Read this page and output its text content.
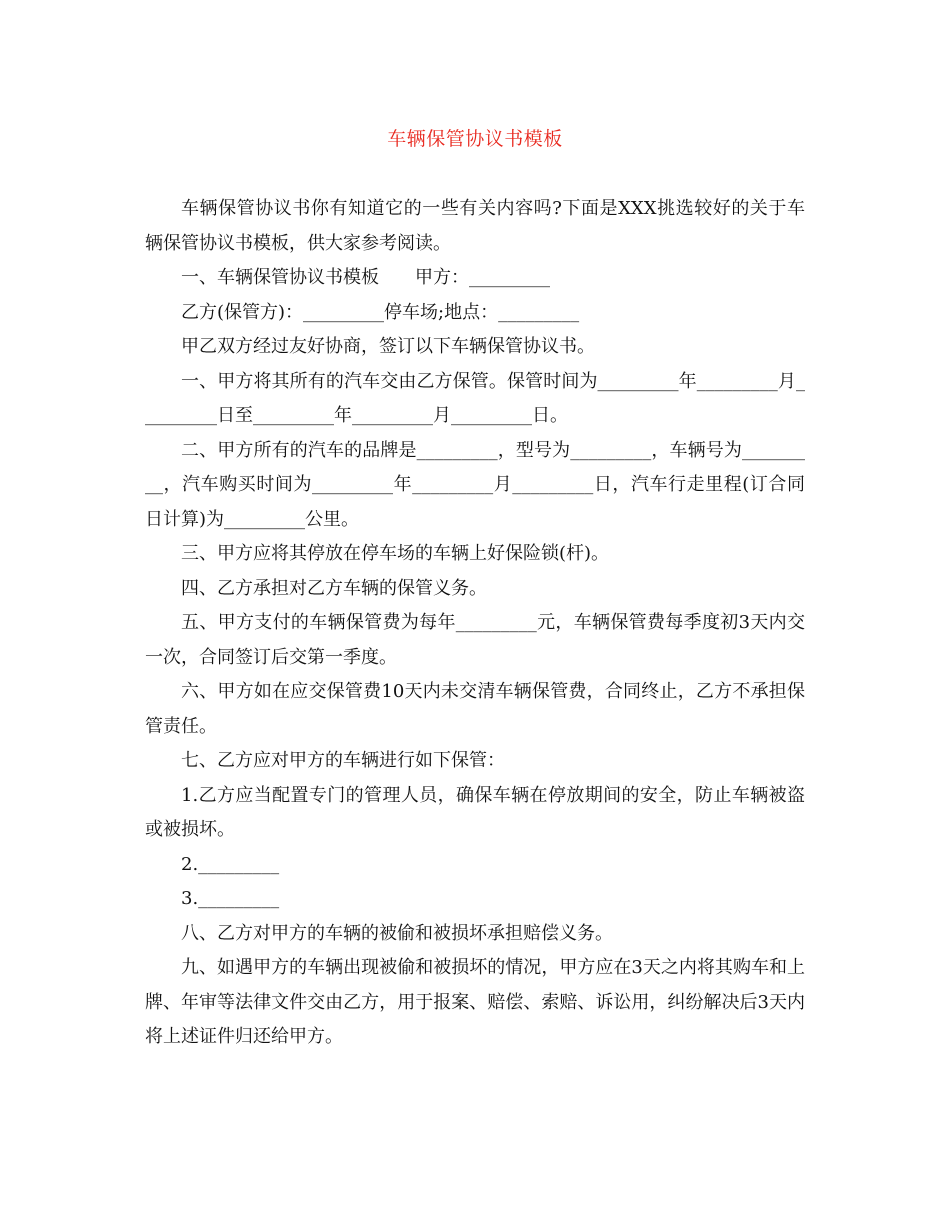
车辆保管协议书模板

车辆保管协议书你有知道它的一些有关内容吗?下面是XXX挑选较好的关于车辆保管协议书模板，供大家参考阅读。

一、车辆保管协议书模板　　甲方：_________

乙方(保管方)：_________停车场;地点：_________

甲乙双方经过友好协商，签订以下车辆保管协议书。

一、甲方将其所有的汽车交由乙方保管。保管时间为_________年_________月_________日至_________年_________月_________日。

二、甲方所有的汽车的品牌是_________，型号为_________，车辆号为_________，汽车购买时间为_________年_________月_________日，汽车行走里程(订合同日计算)为_________公里。

三、甲方应将其停放在停车场的车辆上好保险锁(杆)。

四、乙方承担对乙方车辆的保管义务。

五、甲方支付的车辆保管费为每年_________元，车辆保管费每季度初3天内交一次，合同签订后交第一季度。

六、甲方如在应交保管费10天内未交清车辆保管费，合同终止，乙方不承担保管责任。

七、乙方应对甲方的车辆进行如下保管：

1.乙方应当配置专门的管理人员，确保车辆在停放期间的安全，防止车辆被盗或被损坏。

2._________

3._________

八、乙方对甲方的车辆的被偷和被损坏承担赔偿义务。

九、如遇甲方的车辆出现被偷和被损坏的情况，甲方应在3天之内将其购车和上牌、年审等法律文件交由乙方，用于报案、赔偿、索赔、诉讼用，纠纷解决后3天内将上述证件归还给甲方。
